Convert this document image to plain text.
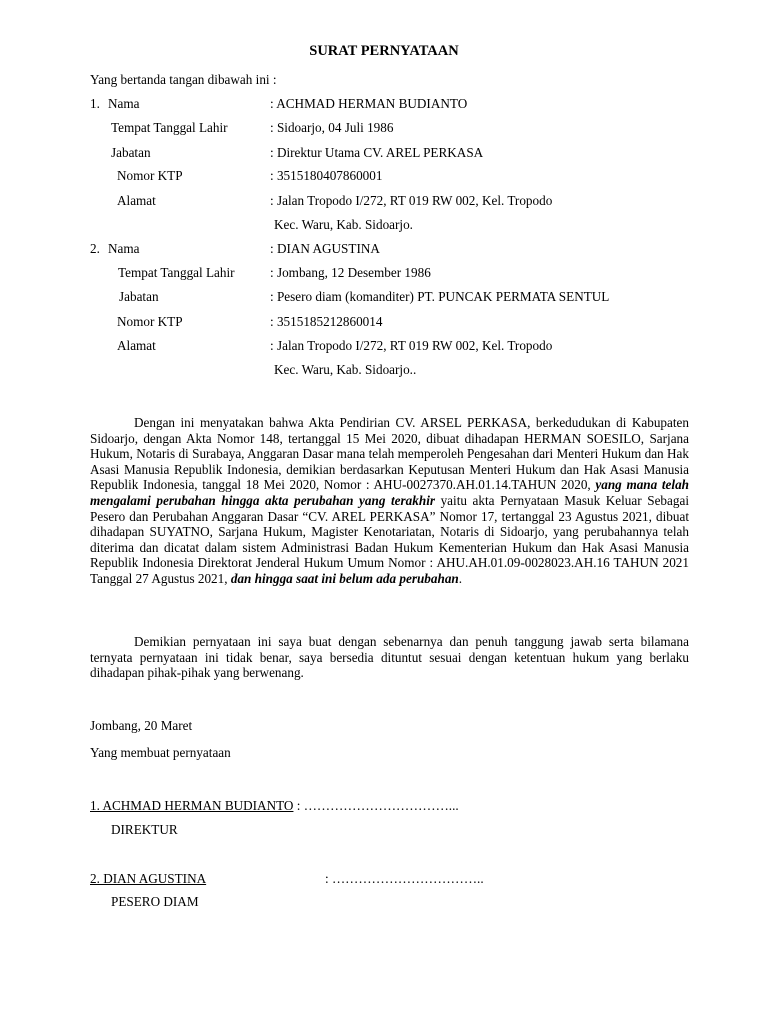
SURAT PERNYATAAN
Yang bertanda tangan dibawah ini :
1. Nama	: ACHMAD HERMAN BUDIANTO
Tempat Tanggal Lahir	: Sidoarjo, 04 Juli 1986
Jabatan	: Direktur Utama CV. AREL PERKASA
Nomor KTP	: 3515180407860001
Alamat	: Jalan Tropodo I/272, RT 019 RW 002, Kel. Tropodo
Kec. Waru, Kab. Sidoarjo.
2. Nama	: DIAN AGUSTINA
Tempat Tanggal Lahir	: Jombang, 12 Desember 1986
Jabatan	: Pesero diam (komanditer) PT. PUNCAK PERMATA SENTUL
Nomor KTP	: 3515185212860014
Alamat	: Jalan Tropodo I/272, RT 019 RW 002, Kel. Tropodo
Kec. Waru, Kab. Sidoarjo..
Dengan ini menyatakan bahwa Akta Pendirian CV. ARSEL PERKASA, berkedudukan di Kabupaten Sidoarjo, dengan Akta Nomor 148, tertanggal 15 Mei 2020, dibuat dihadapan HERMAN SOESILO, Sarjana Hukum, Notaris di Surabaya, Anggaran Dasar mana telah memperoleh Pengesahan dari Menteri Hukum dan Hak Asasi Manusia Republik Indonesia, demikian berdasarkan Keputusan Menteri Hukum dan Hak Asasi Manusia Republik Indonesia, tanggal 18 Mei 2020, Nomor : AHU-0027370.AH.01.14.TAHUN 2020, yang mana telah mengalami perubahan hingga akta perubahan yang terakhir yaitu akta Pernyataan Masuk Keluar Sebagai Pesero dan Perubahan Anggaran Dasar “CV. AREL PERKASA” Nomor 17, tertanggal 23 Agustus 2021, dibuat dihadapan SUYATNO, Sarjana Hukum, Magister Kenotariatan, Notaris di Sidoarjo, yang perubahannya telah diterima dan dicatat dalam sistem Administrasi Badan Hukum Kementerian Hukum dan Hak Asasi Manusia Republik Indonesia Direktorat Jenderal Hukum Umum Nomor : AHU.AH.01.09-0028023.AH.16 TAHUN 2021 Tanggal 27 Agustus 2021, dan hingga saat ini belum ada perubahan.
Demikian pernyataan ini saya buat dengan sebenarnya dan penuh tanggung jawab serta bilamana ternyata pernyataan ini tidak benar, saya bersedia dituntut sesuai dengan ketentuan hukum yang berlaku dihadapan pihak-pihak yang berwenang.
Jombang, 20 Maret
Yang membuat pernyataan
1. ACHMAD HERMAN BUDIANTO : ……………………………...
DIREKTUR
2. DIAN AGUSTINA	: ……………………………..
PESERO DIAM
